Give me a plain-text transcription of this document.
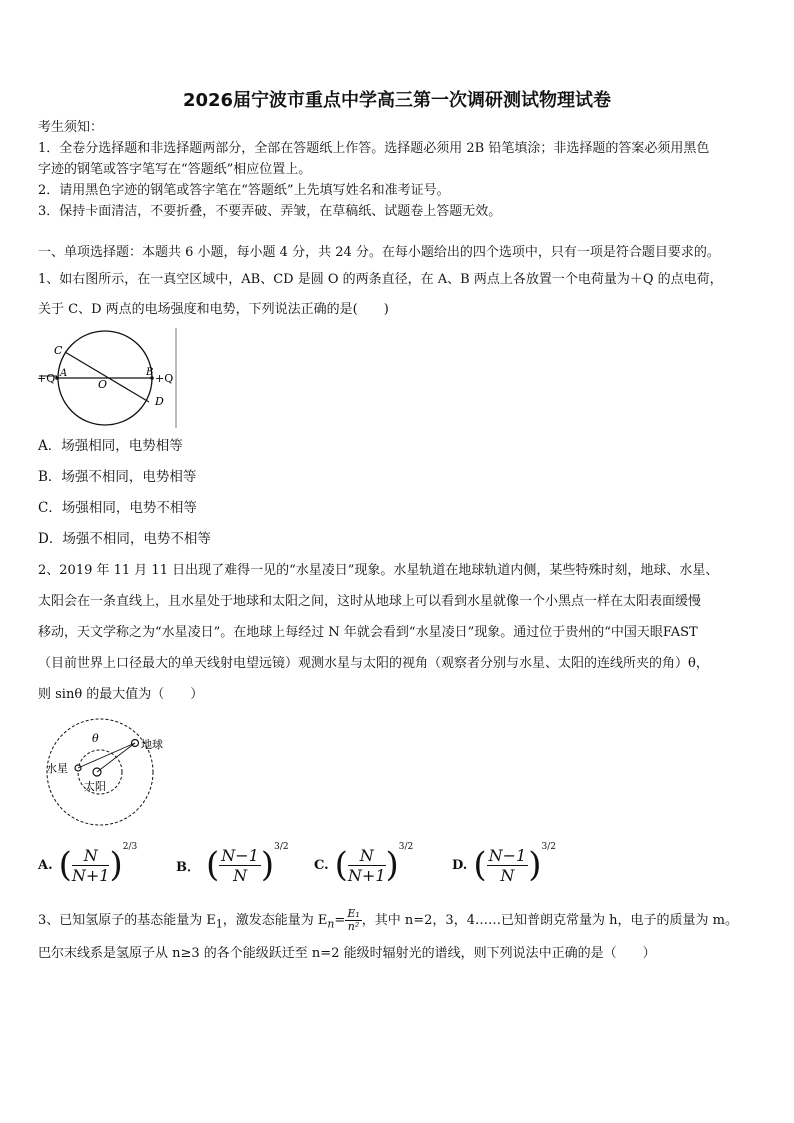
2026届宁波市重点中学高三第一次调研测试物理试卷
考生须知：
1．全卷分选择题和非选择题两部分，全部在答题纸上作答。选择题必须用 2B 铅笔填涂；非选择题的答案必须用黑色
字迹的钢笔或答字笔写在“答题纸”相应位置上。
2．请用黑色字迹的钢笔或答字笔在“答题纸”上先填写姓名和准考证号。
3．保持卡面清洁，不要折叠，不要弄破、弄皱，在草稿纸、试题卷上答题无效。
一、单项选择题：本题共 6 小题，每小题 4 分，共 24 分。在每小题给出的四个选项中，只有一项是符合题目要求的。
1、如右图所示，在一真空区域中，AB、CD 是圆 O 的两条直径，在 A、B 两点上各放置一个电荷量为＋Q 的点电荷，
关于 C、D 两点的电场强度和电势，下列说法正确的是(　　)
C
A
O
B
D
+Q	+Q
A．场强相同，电势相等
B．场强不相同，电势相等
C．场强相同，电势不相等
D．场强不相同，电势不相等
2、2019 年 11 月 11 日出现了难得一见的“水星凌日”现象。水星轨道在地球轨道内侧，某些特殊时刻，地球、水星、
太阳会在一条直线上，且水星处于地球和太阳之间，这时从地球上可以看到水星就像一个小黑点一样在太阳表面缓慢
移动，天文学称之为“水星凌日”。在地球上每经过 N 年就会看到“水星凌日”现象。通过位于贵州的“中国天眼FAST
（目前世界上口径最大的单天线射电望远镜）观测水星与太阳的视角（观察者分别与水星、太阳的连线所夹的角）θ，
则 sinθ 的最大值为（　　）
θ	地球
水星
太阳
A. ( $\frac{N}{N+1} )^{2/3}$
B． ( $\frac{N-1}{N} )^{3/2}$
C. ( $\frac{N}{N+1} )^{3/2}$
D. ( $\frac{N-1}{N} )^{3/2}$
3、已知氢原子的基态能量为 $E_1$，激发态能量为 $E_n= \frac{\text{E₁}}{\text{n²}}$ ，其中 n=2，3，4……已知普朗克常量为 h，电子的质量为 m。
巴尔末线系是氢原子从 n≥3 的各个能级跃迁至 n=2 能级时辐射光的谱线，则下列说法中正确的是（　　）
